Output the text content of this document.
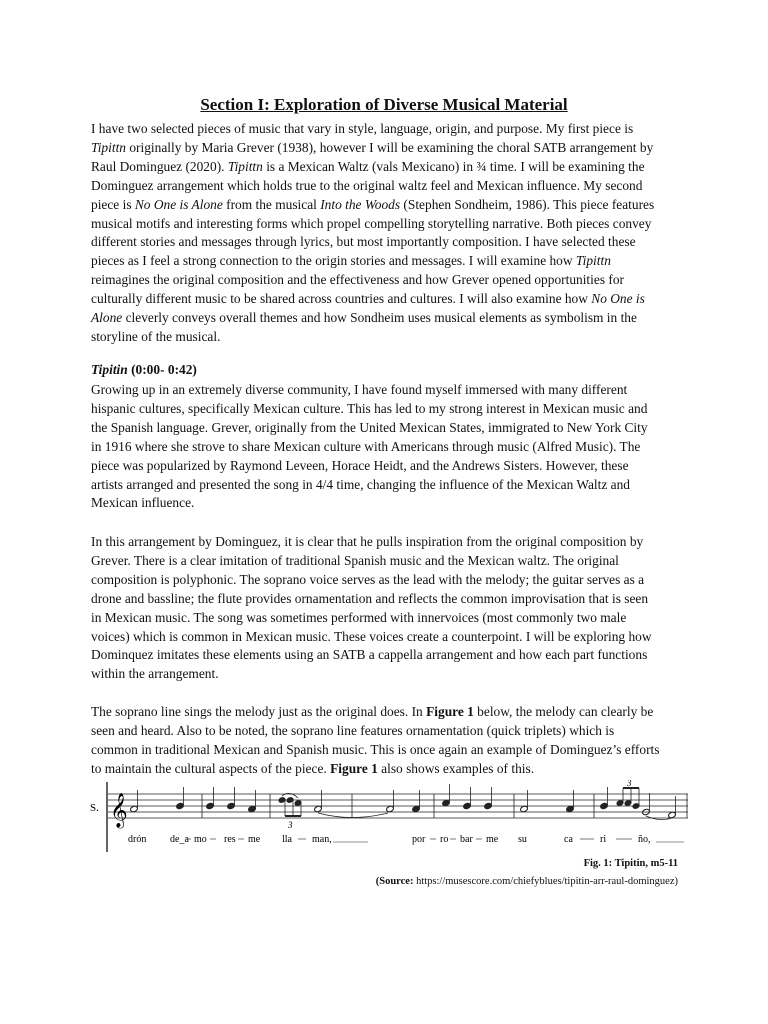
Section I: Exploration of Diverse Musical Material

I have two selected pieces of music that vary in style, language, origin, and purpose. My first piece is
Tipittn originally by Maria Grever (1938), however I will be examining the choral SATB arrangement by
Raul Dominguez (2020). Tipittn is a Mexican Waltz (vals Mexicano) in ¾ time. I will be examining the
Dominguez arrangement which holds true to the original waltz feel and Mexican influence. My second
piece is No One is Alone from the musical Into the Woods (Stephen Sondheim, 1986). This piece features
musical motifs and interesting forms which propel compelling storytelling narrative. Both pieces convey
different stories and messages through lyrics, but most importantly composition. I have selected these
pieces as I feel a strong connection to the origin stories and messages. I will examine how Tipittn
reimagines the original composition and the effectiveness and how Grever opened opportunities for
culturally different music to be shared across countries and cultures. I will also examine how No One is
Alone cleverly conveys overall themes and how Sondheim uses musical elements as symbolism in the
storyline of the musical.

Tipitin (0:00- 0:42)

Growing up in an extremely diverse community, I have found myself immersed with many different
hispanic cultures, specifically Mexican culture. This has led to my strong interest in Mexican music and
the Spanish language. Grever, originally from the United Mexican States, immigrated to New York City
in 1916 where she strove to share Mexican culture with Americans through music (Alfred Music). The
piece was popularized by Raymond Leveen, Horace Heidt, and the Andrews Sisters. However, these
artists arranged and presented the song in 4/4 time, changing the influence of the Mexican Waltz and
Mexican influence.

In this arrangement by Dominguez, it is clear that he pulls inspiration from the original composition by
Grever. There is a clear imitation of traditional Spanish music and the Mexican waltz. The original
composition is polyphonic. The soprano voice serves as the lead with the melody; the guitar serves as a
drone and bassline; the flute provides ornamentation and reflects the common improvisation that is seen
in Mexican music. The song was sometimes performed with innervoices (most commonly two male
voices) which is common in Mexican music. These voices create a counterpoint. I will be exploring how
Dominquez imitates these elements using an SATB a cappella arrangement and how each part functions
within the arrangement.

The soprano line sings the melody just as the original does. In Figure 1 below, the melody can clearly be
seen and heard. Also to be noted, the soprano line features ornamentation (quick triplets) which is
common in traditional Mexican and Spanish music. This is once again an example of Dominguez’s efforts
to maintain the cultural aspects of the piece. Figure 1 also shows examples of this.

S. 𝄞	3
3
drón de_a mo res me lla man,	por ro bar me su	ca	ri	ño,

Fig. 1: Tipitin, m5-11

(Source: https://musescore.com/chiefyblues/tipitin-arr-raul-dominguez)
